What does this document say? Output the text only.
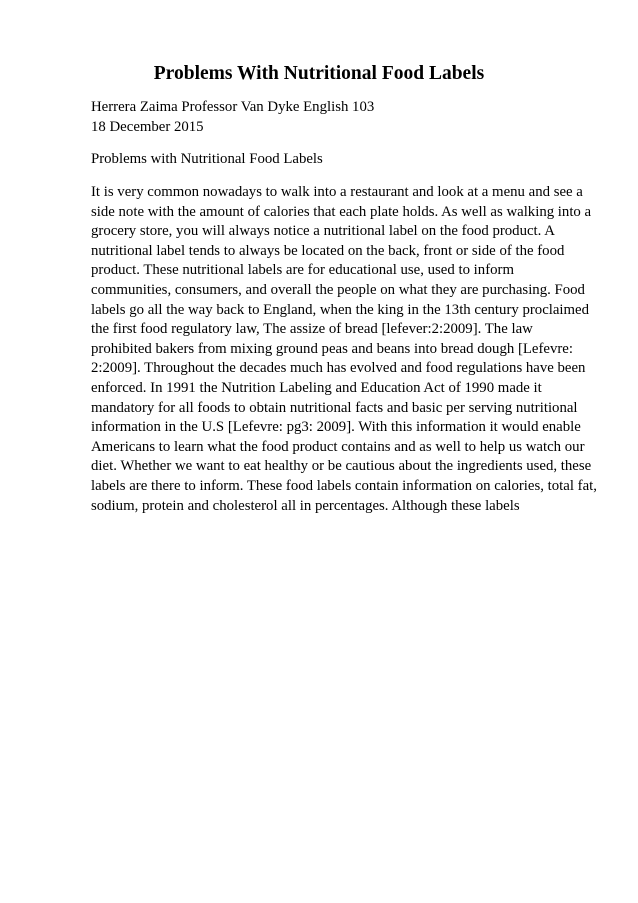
Problems With Nutritional Food Labels
Herrera Zaima Professor Van Dyke English 103
18 December 2015
Problems with Nutritional Food Labels
It is very common nowadays to walk into a restaurant and look at a menu and see a
side note with the amount of calories that each plate holds. As well as walking into a
grocery store, you will always notice a nutritional label on the food product. A
nutritional label tends to always be located on the back, front or side of the food
product. These nutritional labels are for educational use, used to inform
communities, consumers, and overall the people on what they are purchasing. Food
labels go all the way back to England, when the king in the 13th century proclaimed
the first food regulatory law, The assize of bread [lefever:2:2009]. The law
prohibited bakers from mixing ground peas and beans into bread dough [Lefevre:
2:2009]. Throughout the decades much has evolved and food regulations have been
enforced. In 1991 the Nutrition Labeling and Education Act of 1990 made it
mandatory for all foods to obtain nutritional facts and basic per serving nutritional
information in the U.S [Lefevre: pg3: 2009]. With this information it would enable
Americans to learn what the food product contains and as well to help us watch our
diet. Whether we want to eat healthy or be cautious about the ingredients used, these
labels are there to inform. These food labels contain information on calories, total fat,
sodium, protein and cholesterol all in percentages. Although these labels
